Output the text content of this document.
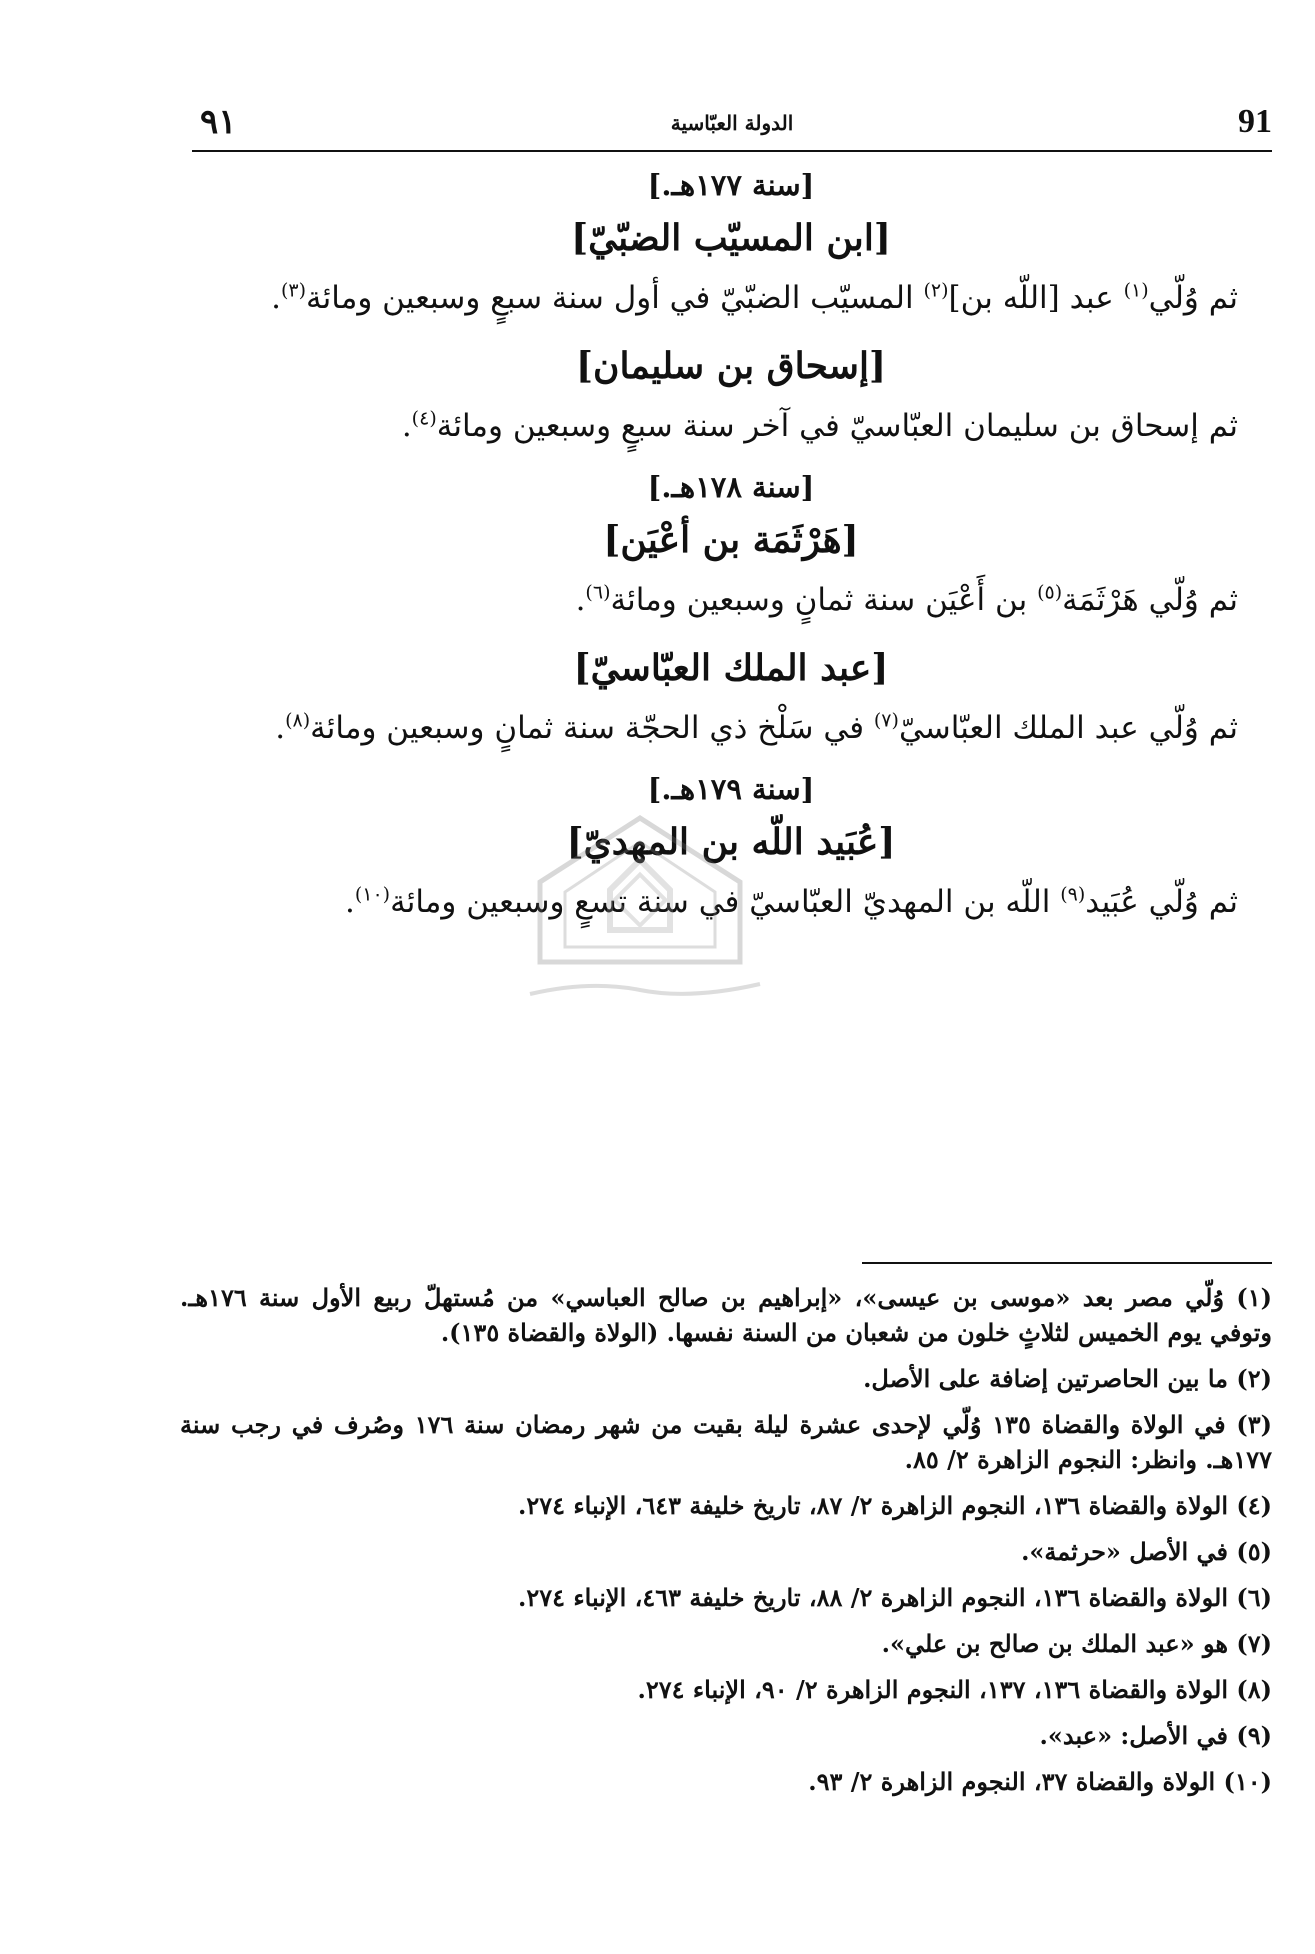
٩١	الدولة العبّاسية	91

[سنة ١٧٧هـ.]

[ابن المسيّب الضبّيّ]

ثم وُلّي$^{(١)}$ عبد [اللّه بن]$^{(٢)}$ المسيّب الضبّيّ في أول سنة سبعٍ وسبعين ومائة$^{(٣)}$.

[إسحاق بن سليمان]

ثم إسحاق بن سليمان العبّاسيّ في آخر سنة سبعٍ وسبعين ومائة$^{(٤)}$.

[سنة ١٧٨هـ.]

[هَرْثَمَة بن أعْيَن]

ثم وُلّي هَرْثَمَة$^{(٥)}$ بن أَعْيَن سنة ثمانٍ وسبعين ومائة$^{(٦)}$.

[عبد الملك العبّاسيّ]

ثم وُلّي عبد الملك العبّاسيّ$^{(٧)}$ في سَلْخ ذي الحجّة سنة ثمانٍ وسبعين ومائة$^{(٨)}$.

[سنة ١٧٩هـ.]

[عُبَيد اللّه بن المهديّ]

ثم وُلّي عُبَيد$^{(٩)}$ اللّه بن المهديّ العبّاسيّ في سنة تسعٍ وسبعين ومائة$^{(١٠)}$.

(١) وُلّي مصر بعد «موسى بن عيسى»، «إبراهيم بن صالح العباسي» من مُستهلّ ربيع الأول سنة ١٧٦هـ. وتوفي يوم الخميس لثلاثٍ خلون من شعبان من السنة نفسها. (الولاة والقضاة ١٣٥).

(٢) ما بين الحاصرتين إضافة على الأصل.

(٣) في الولاة والقضاة ١٣٥ وُلّي لإحدى عشرة ليلة بقيت من شهر رمضان سنة ١٧٦ وصُرف في رجب سنة ١٧٧هـ. وانظر: النجوم الزاهرة ٢/ ٨٥.

(٤) الولاة والقضاة ١٣٦، النجوم الزاهرة ٢/ ٨٧، تاريخ خليفة ٦٤٣، الإنباء ٢٧٤.

(٥) في الأصل «حرثمة».

(٦) الولاة والقضاة ١٣٦، النجوم الزاهرة ٢/ ٨٨، تاريخ خليفة ٤٦٣، الإنباء ٢٧٤.

(٧) هو «عبد الملك بن صالح بن علي».

(٨) الولاة والقضاة ١٣٦، ١٣٧، النجوم الزاهرة ٢/ ٩٠، الإنباء ٢٧٤.

(٩) في الأصل: «عبد».

(١٠) الولاة والقضاة ٣٧، النجوم الزاهرة ٢/ ٩٣.
